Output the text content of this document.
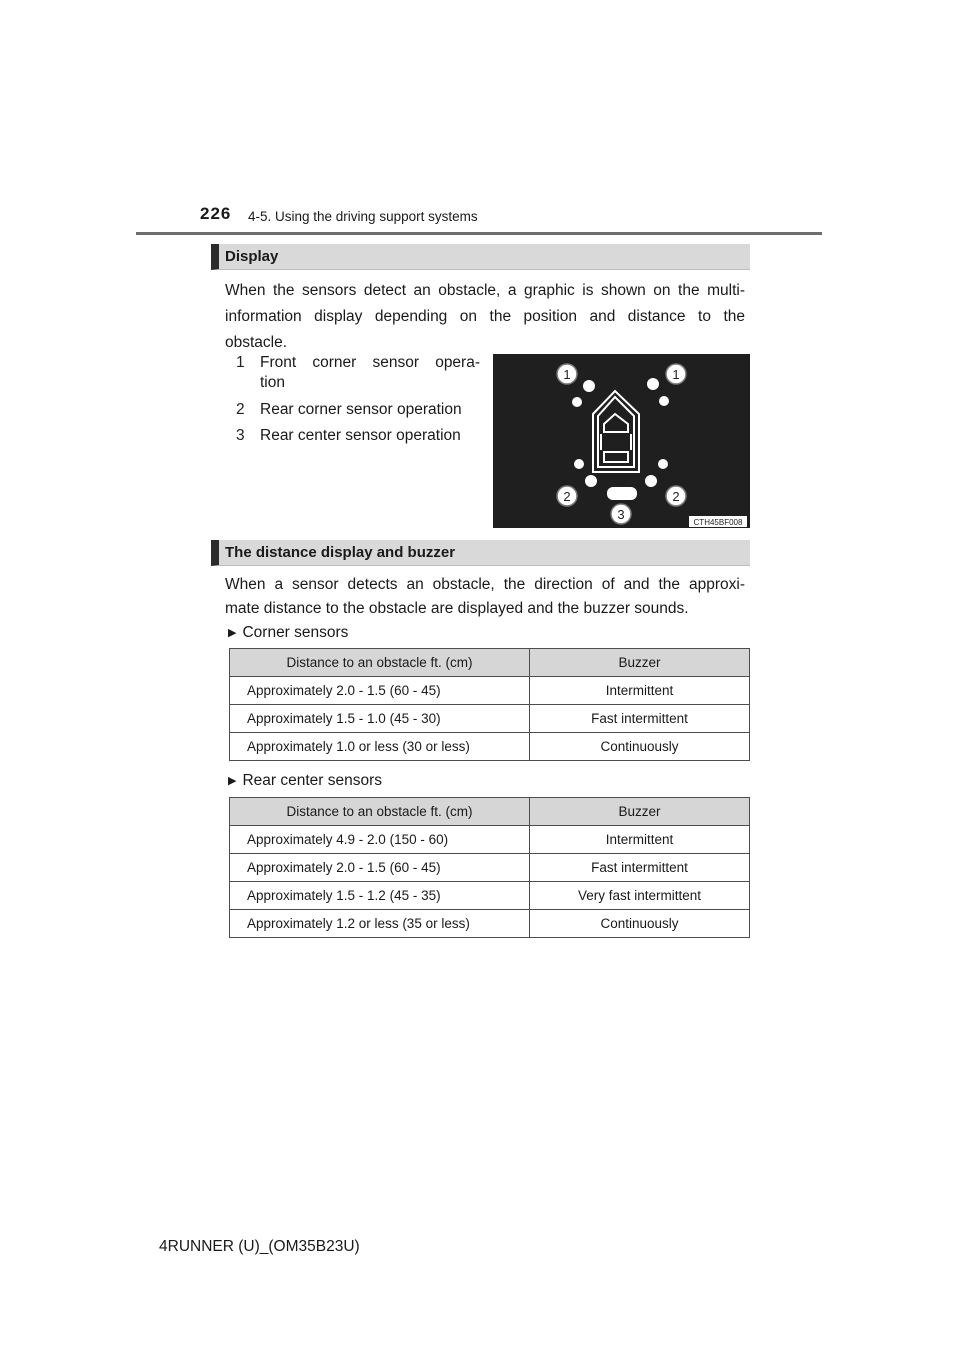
226 4-5. Using the driving support systems
Display
When the sensors detect an obstacle, a graphic is shown on the multi-
information display depending on the position and distance to the
obstacle.
1 Front corner sensor opera-
tion
2 Rear corner sensor operation
3 Rear center sensor operation
1	1
2	2
3
CTH45BF008
The distance display and buzzer
When a sensor detects an obstacle, the direction of and the approxi-
mate distance to the obstacle are displayed and the buzzer sounds.
▶ Corner sensors
Distance to an obstacle ft. (cm)	Buzzer
Approximately 2.0 - 1.5 (60 - 45)	Intermittent
Approximately 1.5 - 1.0 (45 - 30)	Fast intermittent
Approximately 1.0 or less (30 or less)	Continuously
▶ Rear center sensors
Distance to an obstacle ft. (cm)	Buzzer
Approximately 4.9 - 2.0 (150 - 60)	Intermittent
Approximately 2.0 - 1.5 (60 - 45)	Fast intermittent
Approximately 1.5 - 1.2 (45 - 35)	Very fast intermittent
Approximately 1.2 or less (35 or less)	Continuously
4RUNNER (U)_(OM35B23U)
